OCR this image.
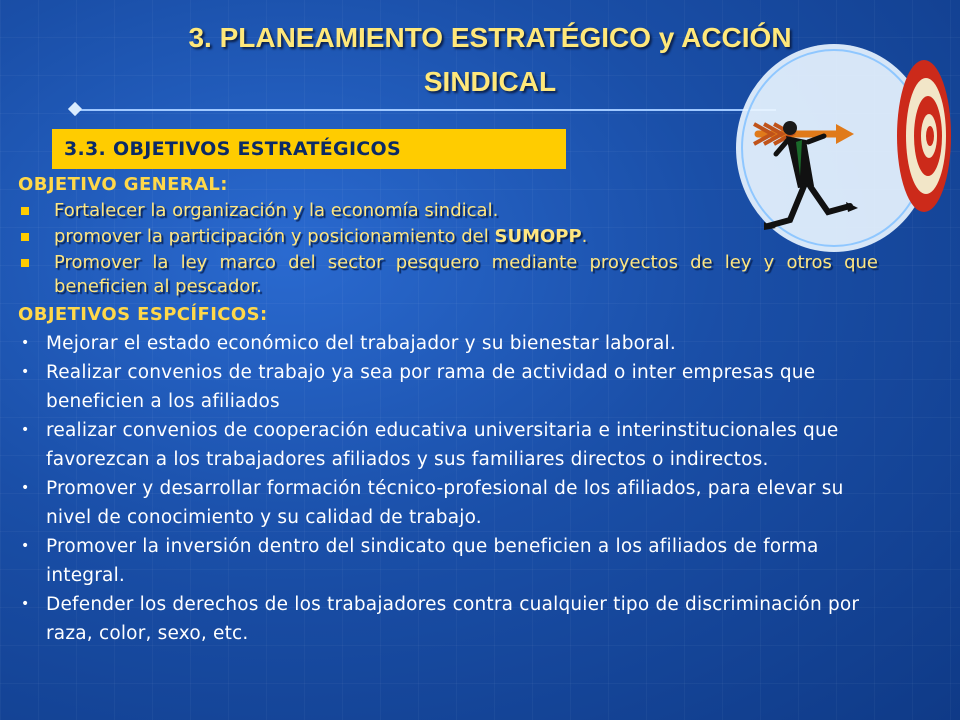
3. PLANEAMIENTO ESTRATÉGICO y ACCIÓN
SINDICAL
3.3. OBJETIVOS ESTRATÉGICOS

OBJETIVO GENERAL:

Fortalecer la organización y la economía sindical.
promover la participación y posicionamiento del SUMOPP.
Promover la ley marco del sector pesquero mediante proyectos de ley y otros que beneficien al pescador.

OBJETIVOS ESPCÍFICOS:

• Mejorar el estado económico del trabajador y su bienestar laboral.
• Realizar convenios de trabajo ya sea por rama de actividad o inter empresas que beneficien a los afiliados
• realizar convenios de cooperación educativa universitaria e interinstitucionales que favorezcan a los trabajadores afiliados y sus familiares directos o indirectos.
• Promover y desarrollar formación técnico-profesional de los afiliados, para elevar su nivel de conocimiento y su calidad de trabajo.
• Promover la inversión dentro del sindicato que beneficien a los afiliados de forma integral.
• Defender los derechos de los trabajadores contra cualquier tipo de discriminación por raza, color, sexo, etc.
